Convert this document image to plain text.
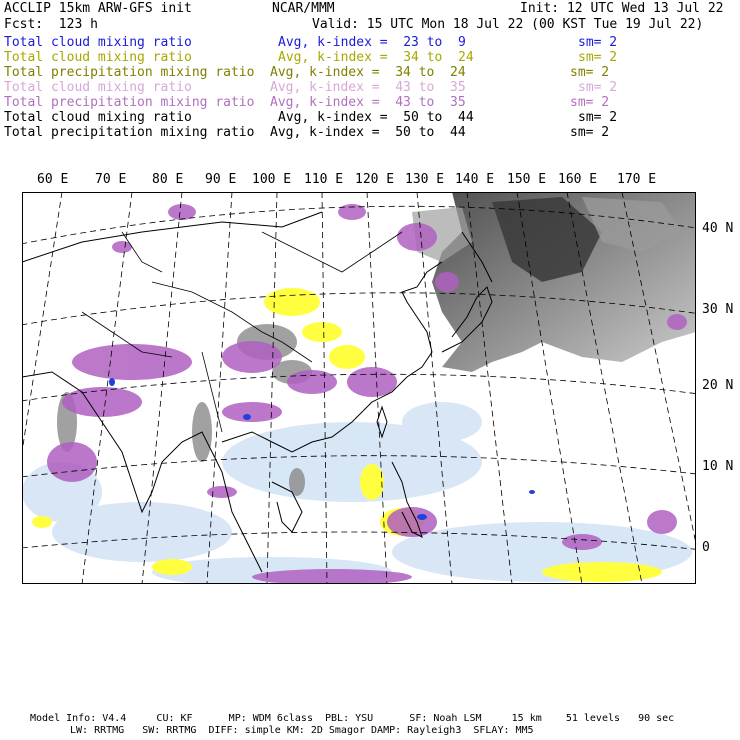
ACCLIP 15km ARW-GFS init	NCAR/MMM	Init: 12 UTC Wed 13 Jul 22
Fcst:  123 h	Valid: 15 UTC Mon 18 Jul 22 (00 KST Tue 19 Jul 22)
Total cloud mixing ratio	Avg, k-index =  23 to  9	sm= 2
Total cloud mixing ratio	Avg, k-index =  34 to  24	sm= 2
Total precipitation mixing ratio Avg, k-index =  34 to  24	sm= 2
Total cloud mixing ratio	Avg, k-index =  43 to  35	sm= 2
Total precipitation mixing ratio Avg, k-index =  43 to  35	sm= 2
Total cloud mixing ratio	Avg, k-index =  50 to  44	sm= 2
Total precipitation mixing ratio Avg, k-index =  50 to  44	sm= 2
60 E 70 E 80 E 90 E 100 E 110 E 120 E 130 E 140 E 150 E 160 E 170 E
40 N
30 N
20 N
10 N
0
Model Info: V4.4     CU: KF      MP: WDM 6class  PBL: YSU      SF: Noah LSM     15 km    51 levels   90 sec
LW: RRTMG   SW: RRTMG  DIFF: simple KM: 2D Smagor DAMP: Rayleigh3  SFLAY: MM5
